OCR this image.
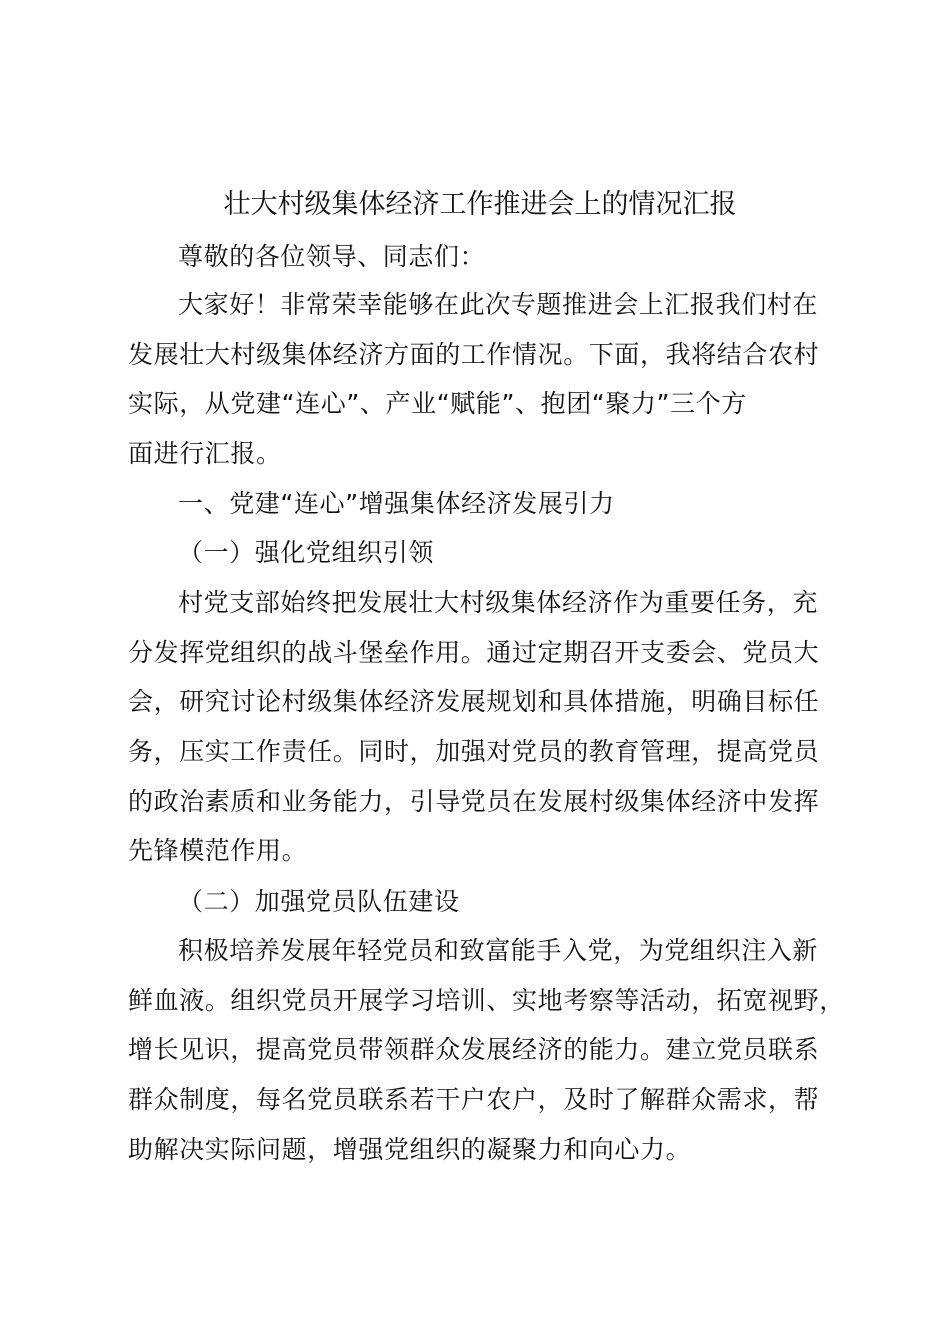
壮大村级集体经济工作推进会上的情况汇报

尊敬的各位领导、同志们：

大家好！非常荣幸能够在此次专题推进会上汇报我们村在
发展壮大村级集体经济方面的工作情况。下面，我将结合农村
实际，从党建“连心”、产业“赋能”、抱团“聚力”三个方
面进行汇报。

一、党建“连心”增强集体经济发展引力

（一）强化党组织引领

村党支部始终把发展壮大村级集体经济作为重要任务，充
分发挥党组织的战斗堡垒作用。通过定期召开支委会、党员大
会，研究讨论村级集体经济发展规划和具体措施，明确目标任
务，压实工作责任。同时，加强对党员的教育管理，提高党员
的政治素质和业务能力，引导党员在发展村级集体经济中发挥
先锋模范作用。

（二）加强党员队伍建设

积极培养发展年轻党员和致富能手入党，为党组织注入新
鲜血液。组织党员开展学习培训、实地考察等活动，拓宽视野，
增长见识，提高党员带领群众发展经济的能力。建立党员联系
群众制度，每名党员联系若干户农户，及时了解群众需求，帮
助解决实际问题，增强党组织的凝聚力和向心力。
